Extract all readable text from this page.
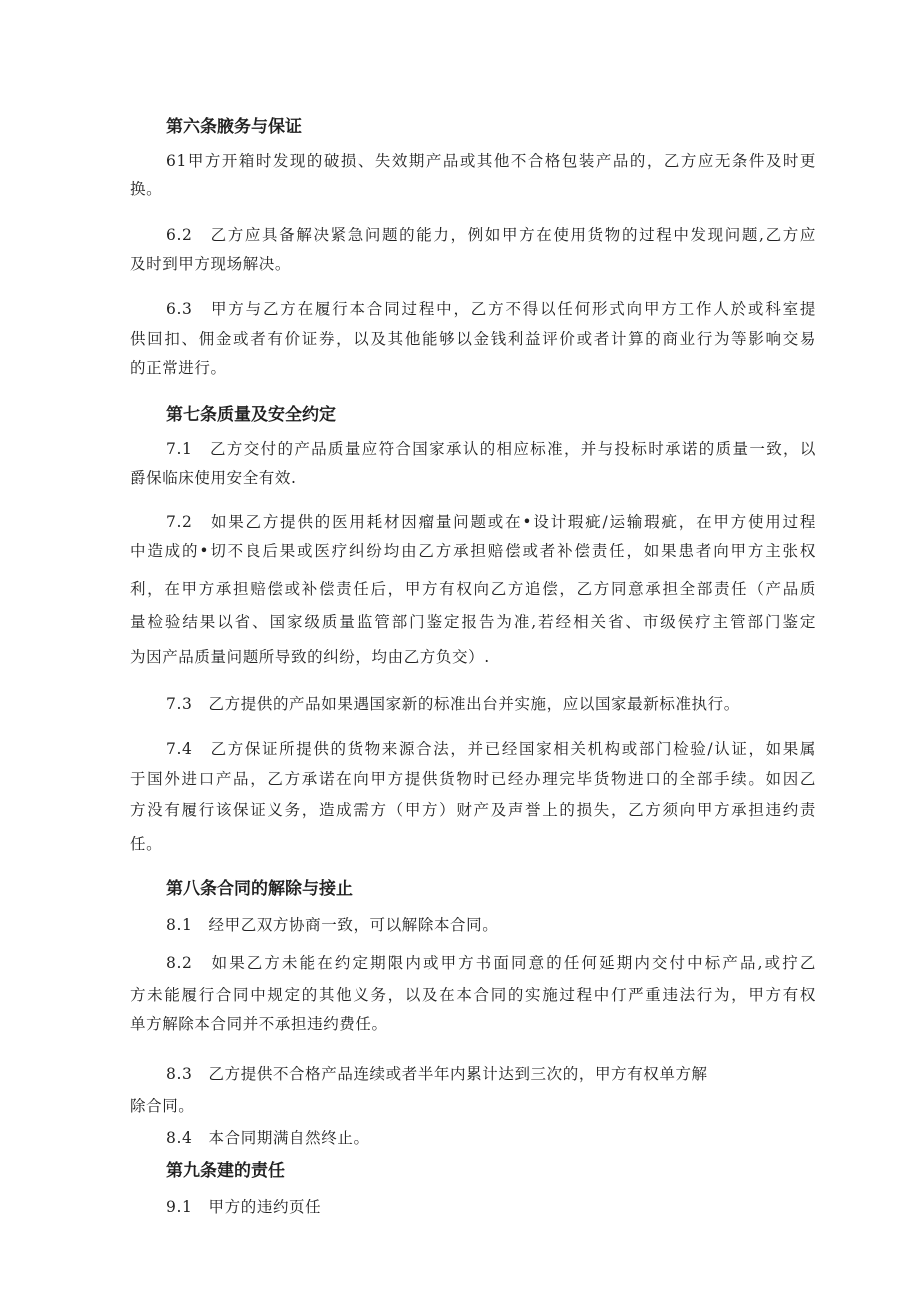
第六条腋务与保证
61甲方开箱时发现的破损、失效期产品或其他不合格包装产品的，乙方应无条件及时更
换。
6.2　乙方应具备解决紧急问题的能力，例如甲方在使用货物的过程中发现问题,乙方应
及时到甲方现场解决。
6.3　甲方与乙方在履行本合同过程中，乙方不得以任何形式向甲方工作人於或科室提
供回扣、佣金或者有价证券，以及其他能够以金钱利益评价或者计算的商业行为等影响交易
的正常进行。
第七条质量及安全约定
7.1　乙方交付的产品质量应符合国家承认的相应标准，并与投标时承诺的质量一致，以
爵保临床使用安全有效.
7.2　如果乙方提供的医用耗材因瘤量问题或在•设计瑕疵/运输瑕疵，在甲方使用过程
中造成的•切不良后果或医疗纠纷均由乙方承担赔偿或者补偿责任，如果患者向甲方主张权
利，在甲方承担赔偿或补偿责任后，甲方有权向乙方追偿，乙方同意承担全部责任（产品质
量检验结果以省、国家级质量监管部门鉴定报告为准,若经相关省、市级侯疗主管部门鉴定
为因产品质量问题所导致的纠纷，均由乙方负交）.
7.3　乙方提供的产品如果遇国家新的标准出台并实施，应以国家最新标准执行。
7.4　乙方保证所提供的货物来源合法，并已经国家相关机构或部门检验/认证，如果属
于国外进口产品，乙方承诺在向甲方提供货物时已经办理完毕货物进口的全部手续。如因乙
方没有履行该保证义务，造成需方（甲方）财产及声誉上的损失，乙方须向甲方承担违约责
任。
第八条合同的解除与接止
8.1　经甲乙双方协商一致，可以解除本合同。
8.2　如果乙方未能在约定期限内或甲方书面同意的任何延期内交付中标产品,或拧乙
方未能履行合同中规定的其他义务，以及在本合同的实施过程中仃严重违法行为，甲方有权
单方解除本合同并不承担违约费任。
8.3　乙方提供不合格产品连续或者半年内累计达到三次的，甲方有权单方解
除合同。
8.4　本合同期满自然终止。
第九条建的责任
9.1　甲方的违约页任
